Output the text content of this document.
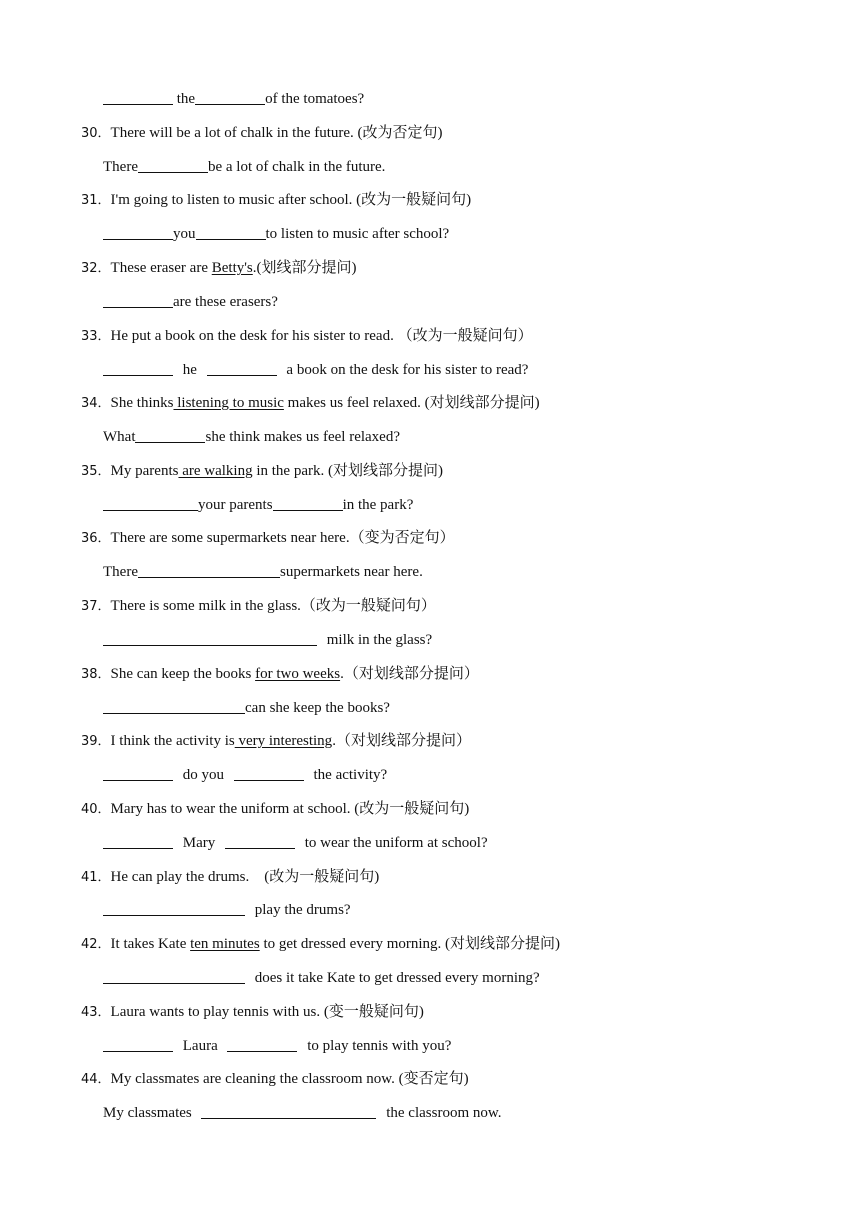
the	of the tomatoes?
30．There will be a lot of chalk in the future. (改为否定句)
There	be a lot of chalk in the future.
31．I'm going to listen to music after school. (改为一般疑问句)
you	to listen to music after school?
32．These eraser are Betty's.(划线部分提问)
are these erasers?
33．He put a book on the desk for his sister to read. （改为一般疑问句）
he	a book on the desk for his sister to read?
34．She thinks listening to music makes us feel relaxed. (对划线部分提问)
What	she think makes us feel relaxed?
35．My parents are walking in the park. (对划线部分提问)
your parents	in the park?
36．There are some supermarkets near here.（变为否定句）
There	supermarkets near here.
37．There is some milk in the glass.（改为一般疑问句）
milk in the glass?
38．She can keep the books for two weeks.（对划线部分提问）
can she keep the books?
39．I think the activity is very interesting.（对划线部分提问）
do you	the activity?
40．Mary has to wear the uniform at school. (改为一般疑问句)
Mary	to wear the uniform at school?
41．He can play the drums.    (改为一般疑问句)
play the drums?
42．It takes Kate ten minutes to get dressed every morning. (对划线部分提问)
does it take Kate to get dressed every morning?
43．Laura wants to play tennis with us. (变一般疑问句)
Laura	to play tennis with you?
44．My classmates are cleaning the classroom now. (变否定句)
My classmates	the classroom now.
